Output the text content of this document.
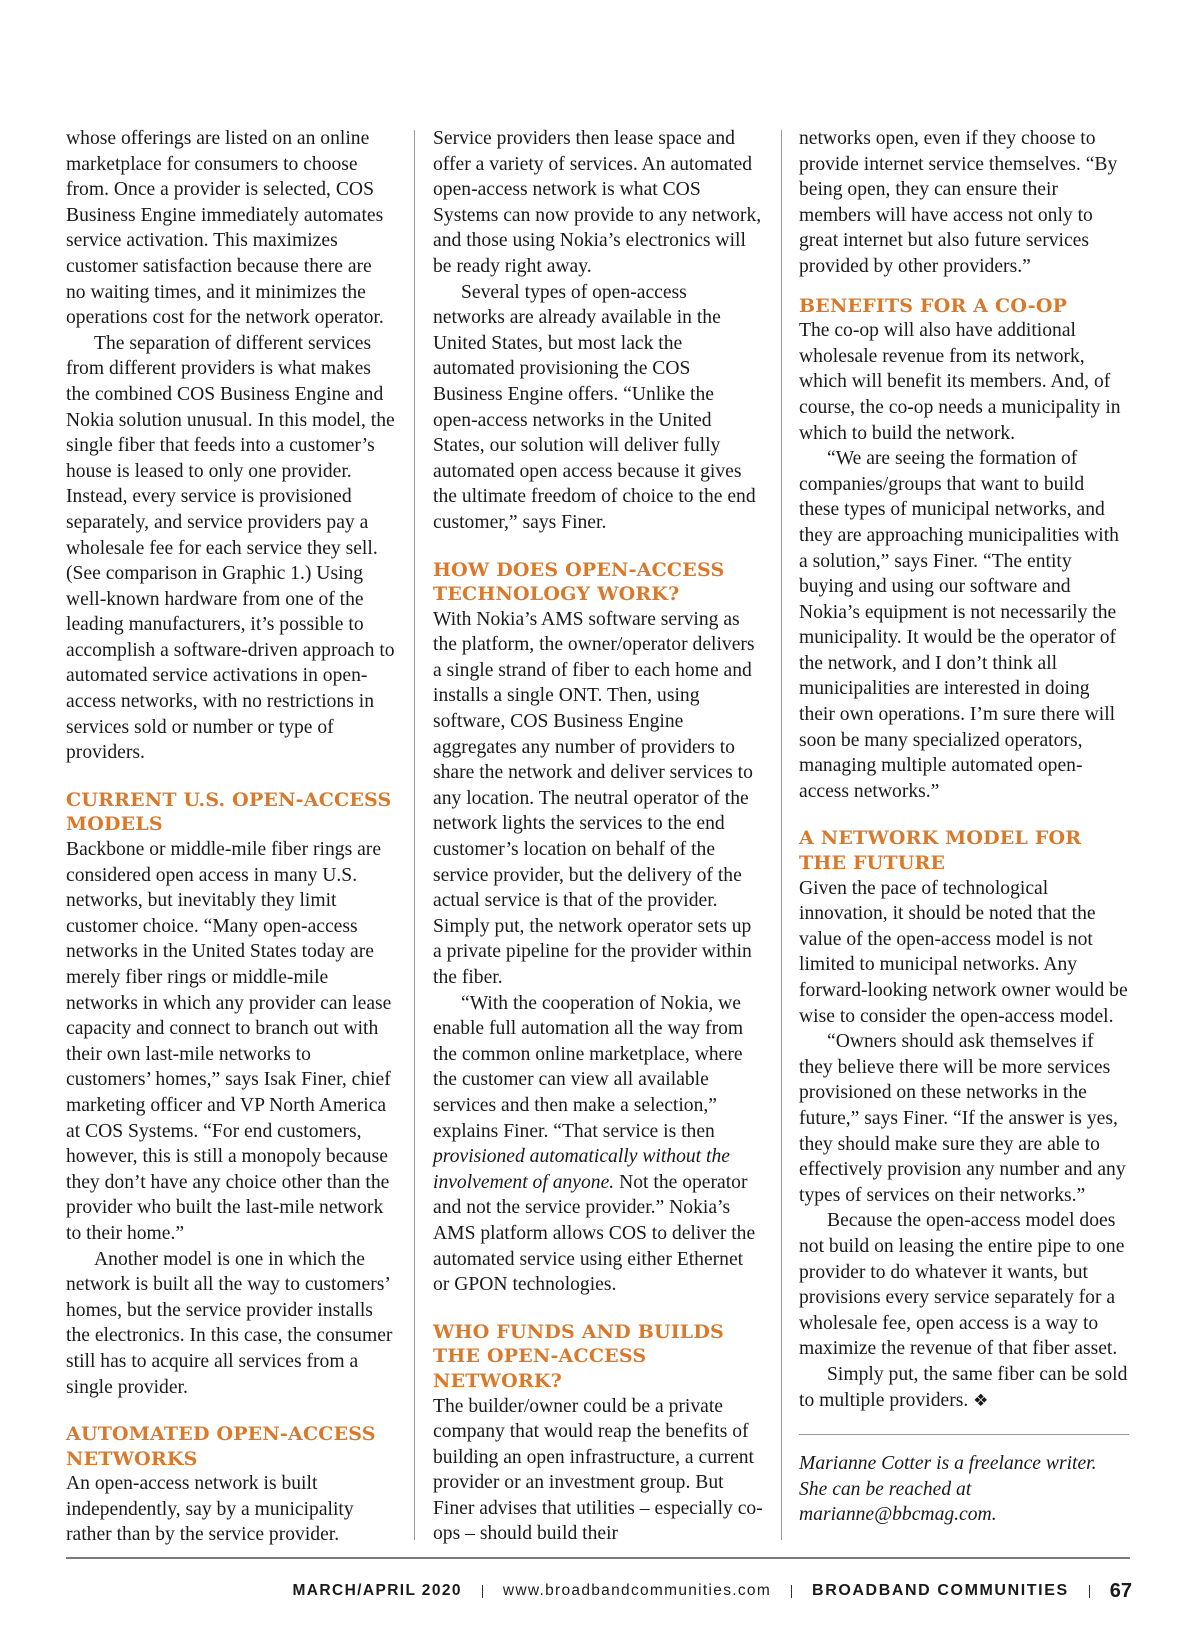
whose offerings are listed on an online marketplace for consumers to choose from. Once a provider is selected, COS Business Engine immediately automates service activation. This maximizes customer satisfaction because there are no waiting times, and it minimizes the operations cost for the network operator.

The separation of different services from different providers is what makes the combined COS Business Engine and Nokia solution unusual. In this model, the single fiber that feeds into a customer’s house is leased to only one provider. Instead, every service is provisioned separately, and service providers pay a wholesale fee for each service they sell. (See comparison in Graphic 1.) Using well-known hardware from one of the leading manufacturers, it’s possible to accomplish a software-driven approach to automated service activations in open-access networks, with no restrictions in services sold or number or type of providers.

CURRENT U.S. OPEN-ACCESS MODELS

Backbone or middle-mile fiber rings are considered open access in many U.S. networks, but inevitably they limit customer choice. “Many open-access networks in the United States today are merely fiber rings or middle-mile networks in which any provider can lease capacity and connect to branch out with their own last-mile networks to customers’ homes,” says Isak Finer, chief marketing officer and VP North America at COS Systems. “For end customers, however, this is still a monopoly because they don’t have any choice other than the provider who built the last-mile network to their home.”

Another model is one in which the network is built all the way to customers’ homes, but the service provider installs the electronics. In this case, the consumer still has to acquire all services from a single provider.

AUTOMATED OPEN-ACCESS NETWORKS

An open-access network is built independently, say by a municipality rather than by the service provider.

Service providers then lease space and offer a variety of services. An automated open-access network is what COS Systems can now provide to any network, and those using Nokia’s electronics will be ready right away.

Several types of open-access networks are already available in the United States, but most lack the automated provisioning the COS Business Engine offers. “Unlike the open-access networks in the United States, our solution will deliver fully automated open access because it gives the ultimate freedom of choice to the end customer,” says Finer.

HOW DOES OPEN-ACCESS TECHNOLOGY WORK?

With Nokia’s AMS software serving as the platform, the owner/operator delivers a single strand of fiber to each home and installs a single ONT. Then, using software, COS Business Engine aggregates any number of providers to share the network and deliver services to any location. The neutral operator of the network lights the services to the end customer’s location on behalf of the service provider, but the delivery of the actual service is that of the provider. Simply put, the network operator sets up a private pipeline for the provider within the fiber.

“With the cooperation of Nokia, we enable full automation all the way from the common online marketplace, where the customer can view all available services and then make a selection,” explains Finer. “That service is then provisioned automatically without the involvement of anyone. Not the operator and not the service provider.” Nokia’s AMS platform allows COS to deliver the automated service using either Ethernet or GPON technologies.

WHO FUNDS AND BUILDS THE OPEN-ACCESS NETWORK?

The builder/owner could be a private company that would reap the benefits of building an open infrastructure, a current provider or an investment group. But Finer advises that utilities – especially co-ops – should build their

networks open, even if they choose to provide internet service themselves. “By being open, they can ensure their members will have access not only to great internet but also future services provided by other providers.”

BENEFITS FOR A CO-OP

The co-op will also have additional wholesale revenue from its network, which will benefit its members. And, of course, the co-op needs a municipality in which to build the network.

“We are seeing the formation of companies/groups that want to build these types of municipal networks, and they are approaching municipalities with a solution,” says Finer. “The entity buying and using our software and Nokia’s equipment is not necessarily the municipality. It would be the operator of the network, and I don’t think all municipalities are interested in doing their own operations. I’m sure there will soon be many specialized operators, managing multiple automated open-access networks.”

A NETWORK MODEL FOR THE FUTURE

Given the pace of technological innovation, it should be noted that the value of the open-access model is not limited to municipal networks. Any forward-looking network owner would be wise to consider the open-access model.

“Owners should ask themselves if they believe there will be more services provisioned on these networks in the future,” says Finer. “If the answer is yes, they should make sure they are able to effectively provision any number and any types of services on their networks.”

Because the open-access model does not build on leasing the entire pipe to one provider to do whatever it wants, but provisions every service separately for a wholesale fee, open access is a way to maximize the revenue of that fiber asset.

Simply put, the same fiber can be sold to multiple providers. ❖

Marianne Cotter is a freelance writer. She can be reached at marianne@bbcmag.com.

MARCH/APRIL 2020	www.broadbandcommunities.com	BROADBAND COMMUNITIES 67
